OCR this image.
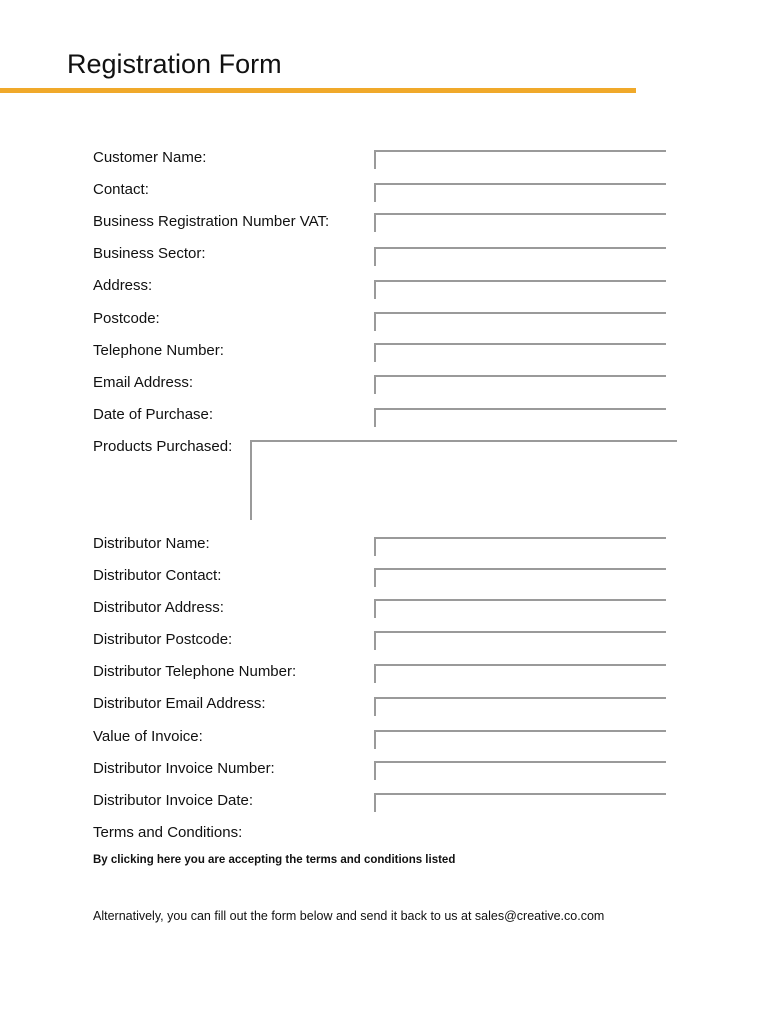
Registration Form
Customer Name:
Contact:
Business Registration Number VAT:
Business Sector:
Address:
Postcode:
Telephone Number:
Email Address:
Date of Purchase:
Products Purchased:
Distributor Name:
Distributor Contact:
Distributor Address:
Distributor Postcode:
Distributor Telephone Number:
Distributor Email Address:
Value of Invoice:
Distributor Invoice Number:
Distributor Invoice Date:
Terms and Conditions:
By clicking here you are accepting the terms and conditions listed
Alternatively, you can fill out the form below and send it back to us at sales@creative.co.com
